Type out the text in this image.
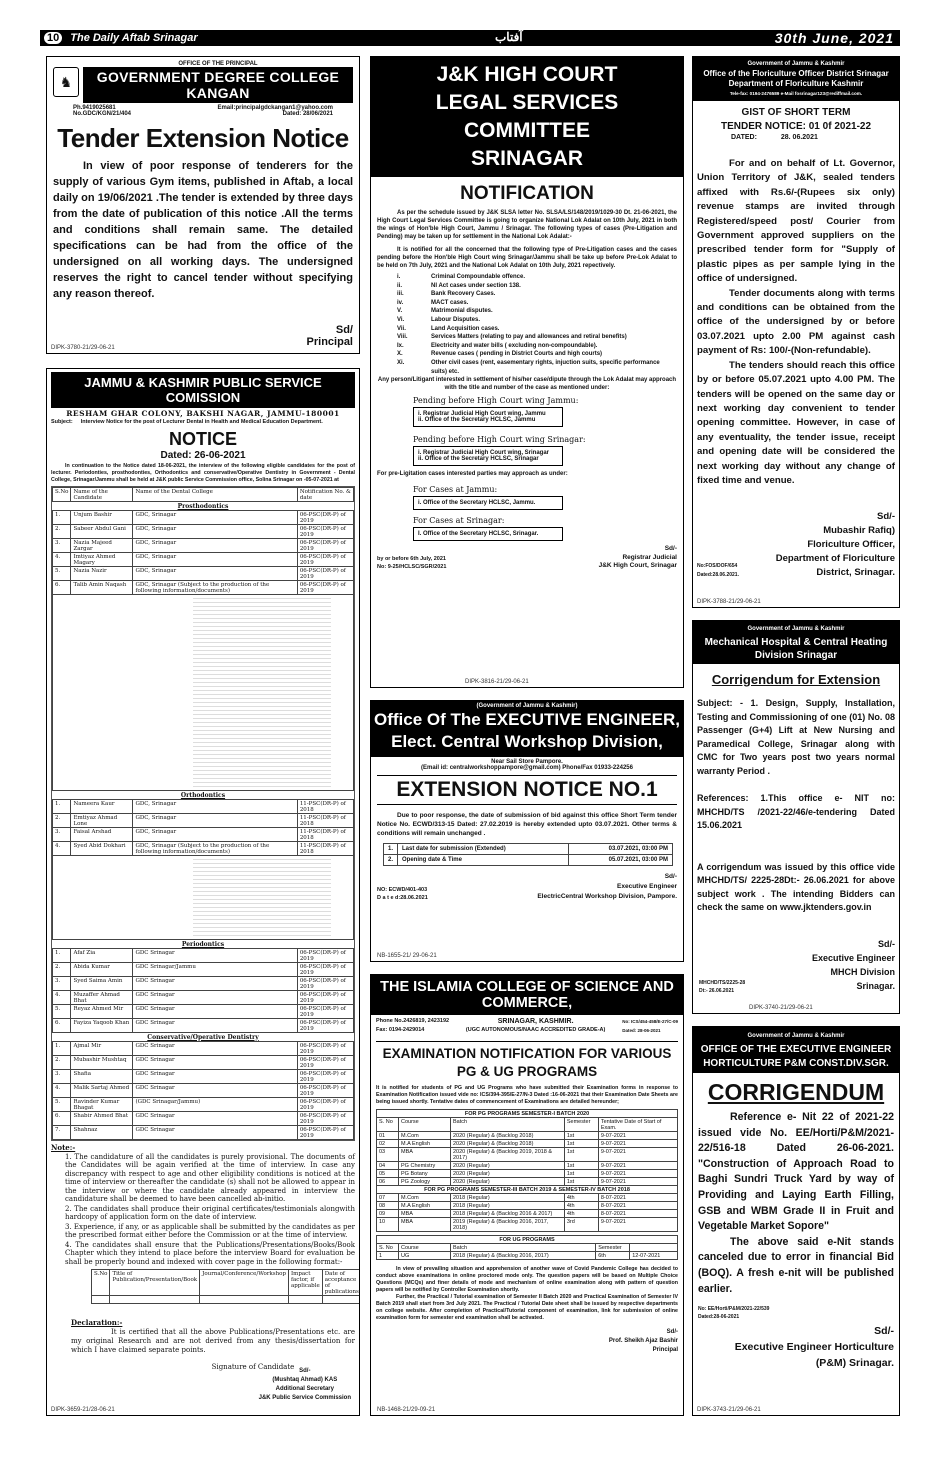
10	The Daily Aftab Srinagar	آفتاب	30th June, 2021
♞
OFFICE OF THE PRINCIPAL
GOVERNMENT DEGREE COLLEGE KANGAN
Ph.9419025681	Email:principalgdckangan1@yahoo.com
No.GDC/KGN/21/404	Dated: 28/06/2021
Tender Extension Notice
In view of poor response of tenderers for the supply of various Gym items, published in Aftab, a local daily on 19/06/2021 .The tender is extended by three days from the date of publication of this notice .All the terms and conditions shall remain same. The detailed specifications can be had from the office of the undersigned on all working days. The undersigned reserves the right to cancel tender without specifying any reason thereof.
Sd/
Principal
DIPK-3780-21/29-06-21
JAMMU & KASHMIR PUBLIC SERVICE COMISSION
RESHAM GHAR COLONY, BAKSHI NAGAR, JAMMU-180001
Subject: Interview Notice for the post of Lecturer Dental in Health and Medical Education Department.
NOTICE
Dated: 26-06-2021
In continuation to the Notice dated 18-06-2021, the interview of the following eligible candidates for the post of lecturer. Periodonties, prosthodonties, Orthodontics and conservative/Operative Dentistry in Government - Dental College, Srinagar/Jammu shall be held at J&K public Service Commission office, Solina Srinagar on -05-07-2021 at
S.No	Name of the Candidate	Name of the Dental College	Notification No. & date
Prosthodontics			
1.	Unjum Bashir	GDC, Srinagar	06-PSC(DR-P) of 2019
2.	Sabeer Abdul Gani	GDC, Srinagar	06-PSC(DR-P) of 2019
3.	Nazia Majeed Zargar	GDC, Srinagar	06-PSC(DR-P) of 2019
4.	Imtiyaz Ahmed Magary	GDC, Srinagar	06-PSC(DR-P) of 2019
5.	Nazia Nazir	GDC, Srinagar	06-PSC(DR-P) of 2019
6.	Talib Amin Naqash	GDC, Srinagar (Subject to the production of the following information/documents)	06-PSC(DR-P) of 2019

Orthodontics			
1.	Nameera Kaur	GDC, Srinagar	11-PSC(DR-P) of 2018
2.	Emtiyaz Ahmad Lone	GDC, Srinagar	11-PSC(DR-P) of 2018
3.	Faisal Arshad	GDC, Srinagar	11-PSC(DR-P) of 2018
4.	Syed Abid Dokhari	GDC, Srinagar (Subject to the production of the following information/documents)	11-PSC(DR-P) of 2018

Periodontics			
1.	Afaf Zia	GDC Srinagar	06-PSC(DR-P) of 2019
2.	Abida Kumar	GDC Srinagar/Jammu	06-PSC(DR-P) of 2019
3.	Syed Saima Amin	GDC Srinagar	06-PSC(DR-P) of 2019
4.	Muzaffer Ahmad Bhat	GDC Srinagar	06-PSC(DR-P) of 2019
5.	Reyaz Ahmed Mir	GDC Srinagar	06-PSC(DR-P) of 2019
6.	Fayiza Yaqoob Khan	GDC Srinagar	06-PSC(DR-P) of 2019
Conservative/Operative Dentistry			
1.	Ajmal Mir	GDC Srinagar	06-PSC(DR-P) of 2019
2.	Mubashir Mushtaq	GDC Srinagar	06-PSC(DR-P) of 2019
3.	Shafia	GDC Srinagar	06-PSC(DR-P) of 2019
4.	Malik Sartaj Ahmed	GDC Srinagar	06-PSC(DR-P) of 2019
5.	Ravinder Kumar Bhagat	(GDC Srinagar/Jammu)	06-PSC(DR-P) of 2019
6.	Shabir Ahmed Bhat	GDC Srinagar	06-PSC(DR-P) of 2019
7.	Shahnaz	GDC Srinagar	06-PSC(DR-P) of 2019
Note:-
1. The candidature of all the candidates is purely provisional. The documents of the Candidates will be again verified at the time of interview. In case any discrepancy with respect to age and other eligibility conditions is noticed at the time of interview or thereafter the candidate (s) shall not be allowed to appear in the interview or where the candidate already appeared in interview the candidature shall be deemed to have been cancelled ab-initio.
2. The candidates shall produce their original certificates/testimonials alongwith hardcopy of application form on the date of interview.
3. Experience, if any, or as applicable shall be submitted by the candidates as per the prescribed format either before the Commission or at the time of interview.
4. The candidates shall ensure that the Publications/Presentations/Books/Book Chapter which they intend to place before the interview Board for evaluation be shall be properly bound and indexed with cover page in the following format:-
S.No	Title of Publication/Presentation/Book	Journal/Conference/Workshop	Impact factor, if applicable	Date of acceptance of publications	

Declaration:-
It is certified that all the above Publications/Presentations etc. are my original Research and are not derived from any thesis/dissertation for which I have claimed separate points.
Signature of Candidate Sd/-
(Mushtaq Ahmad) KAS
Additional Secretary
J&K Public Service Commission
DIPK-3659-21/28-06-21
J&K HIGH COURT
LEGAL SERVICES COMMITTEE
SRINAGAR
NOTIFICATION
As per the schedule issued by J&K SLSA letter No. SLSA/LS/148/2019/1029-30 Dt. 21-06-2021, the High Court Legal Services Committee is going to organize National Lok Adalat on 10th July, 2021 in both the wings of Hon'ble High Court, Jammu / Srinagar. The following types of cases (Pre-Litigation and Pending) may be taken up for settlement in the National Lok Adalat:-
It is notified for all the concerned that the following type of Pre-Litigation cases and the cases pending before the Hon'ble High Court wing Srinagar/Jammu shall be take up before Pre-Lok Adalat to be held on 7th July, 2021 and the National Lok Adalat on 10th July, 2021 repectively.
i.	Criminal Compoundable offence.
ii.	NI Act cases under section 138.
iii.	Bank Recovery Cases.
iv.	MACT cases.
V.	Matrimonial disputes.
Vi.	Labour Disputes.
Vii.	Land Acquisition cases.
Viii.	Services Matters (relating to pay and allowances and retiral benefits)
Ix.	Electricity and water bills ( excluding non-compoundable).
X.	Revenue cases ( pending in District Courts and high courts)
Xi.	Other civil cases (rent, easementary rights, injuction suits, specific performance suits) etc.
Any person/Litigant interested in settlement of his/her case/dipute through the Lok Adalat may approach with the title and number of the case as mentioned under:
Pending before High Court wing Jammu:
i. Registrar Judicial High Court wing, Jammu
ii. Office of the Secretary HCLSC, Jammu
Pending before High Court wing Srinagar:
i. Registrar Judicial High Court wing, Srinagar
ii. Office of the Secretary HCLSC, Srinagar
For pre-Ligitation cases interested parties may approach as under:
For Cases at Jammu:
i. Office of the Secretary HCLSC, Jammu.
For Cases at Srinagar:
I. Office of the Secretary HCLSC, Srinagar.
by or before 6th July, 2021
No: 9-25/HCLSC/SGR/2021
Sd/-
Registrar Judicial
J&K High Court, Srinagar
DIPK-3816-21/29-06-21
(Government of Jammu & Kashmir)
Office Of The EXECUTIVE ENGINEER,
Elect. Central Workshop Division,
Near Sail Store Pampore.
(Email id: centralworkshoppampore@gmail.com) Phone/Fax 01933-224256
EXTENSION NOTICE NO.1
Due to poor response, the date of submission of bid against this office Short Term tender Notice No. ECWD/313-15 Dated: 27.02.2019 is hereby extended upto 03.07.2021. Other terms & conditions will remain unchanged .
1.	Last date for submission (Extended)	03.07.2021, 03:00 PM
2.	Opening date & Time	05.07.2021, 03:00 PM
NO: ECWD/401-403
D a t e d:28.06.2021
Sd/-
Executive Engineer
ElectricCentral Workshop Division, Pampore.
NB-1655-21/ 29-06-21
THE ISLAMIA COLLEGE OF SCIENCE AND COMMERCE,
Phone No.2426819, 2423192
Fax: 0194-2429014
SRINAGAR, KASHMIR.
(UGC AUTONOMOUS/NAAC ACCREDITED GRADE-A)
No: ICS/454-458/E-27/C-09
Dated: 28-06-2021
EXAMINATION NOTIFICATION FOR VARIOUS
PG & UG PROGRAMS
It is notified for students of PG and UG Programs who have submitted their Examination forms in response to Examination Notification issued vide no: ICS/394-395/E-27/N-3 Dated :16-06-2021 that their Examination Date Sheets are being issued shortly. Tentative dates of commencement of Examinations are detailed hereunder;
FOR PG PROGRAMS SEMESTER-I BATCH 2020				
S. No	Course	Batch	Semester	Tentative Date of Start of Exam.
01	M.Com	2020 (Regular) & (Backlog 2018)	1st	9-07-2021
02	M.A English	2020 (Regular) & (Backlog 2018)	1st	9-07-2021
03	MBA	2020 (Regular) & (Backlog 2019, 2018 & 2017)	1st	9-07-2021
04	PG Chemistry	2020 (Regular)	1st	9-07-2021
05	PG Botany	2020 (Regular)	1st	9-07-2021
06	PG Zoology	2020 (Regular)	1st	9-07-2021
FOR PG PROGRAMS SEMESTER-III BATCH 2019 & SEMESTER-IV BATCH 2018				
07	M.Com	2018 (Regular)	4th	8-07-2021
08	M.A English	2018 (Regular)	4th	8-07-2021
09	MBA	2018 (Regular) & (Backlog 2016 & 2017)	4th	8-07-2021
10	MBA	2019 (Regular) & (Backlog 2016, 2017, 2018)	3rd	9-07-2021
FOR UG PROGRAMS				
S. No	Course	Batch	Semester	
1	UG	2018 (Regular) & (Backlog 2016, 2017)	6th	12-07-2021
In view of prevailing situation and apprehension of another wave of Covid Pandemic College has decided to conduct above examinations in online proctored mode only. The question papers will be based on Multiple Choice Questions (MCQs) and finer details of mode and mechanism of online examination along with pattern of question papers will be notified by Controller Examination shortly.
Further, the Practical / Tutorial examination of Semester II Batch 2020 and Practical Examination of Semester IV Batch 2019 shall start from 3rd July 2021. The Practical / Tutorial Date sheet shall be issued by respective departments on college website. After completion of Practical/Tutorial component of examination, link for submission of online examination form for semester end examination shall be activated.
Sd/-
Prof. Sheikh Ajaz Bashir
Principal
NB-1468-21/29-09-21
Government of Jammu & Kashmir
Office of the Floriculture Officer District Srinagar
Department of Floriculture Kashmir
Tele-fax: 0194-2476589 e-Mail fosrinagar123@rediffmail.com.
GIST OF SHORT TERM
TENDER NOTICE: 01 0f 2021-22
DATED:	28. 06.2021
For and on behalf of Lt. Governor, Union Territory of J&K, sealed tenders affixed with Rs.6/-(Rupees six only) revenue stamps are invited through Registered/speed post/ Courier from Government approved suppliers on the prescribed tender form for "Supply of plastic pipes as per sample lying in the office of undersigned.
Tender documents along with terms and conditions can be obtained from the office of the undersigned by or before 03.07.2021 upto 2.00 PM against cash payment of Rs: 100/-(Non-refundable).
The tenders should reach this office by or before 05.07.2021 upto 4.00 PM. The tenders will be opened on the same day or next working day convenient to tender opening committee. However, in case of any eventuality, the tender issue, receipt and opening date will be considered the next working day without any change of fixed time and venue.
No:FOS/DOF/654
Dated:28.06.2021.
Sd/-
Mubashir Rafiq)
Floriculture Officer,
Department of Floriculture
District, Srinagar.
DIPK-3788-21/29-06-21
Government of Jammu & Kashmir
Mechanical Hospital & Central Heating Division Srinagar
Corrigendum for Extension
Subject: - 1. Design, Supply, Installation, Testing and Commissioning of one (01) No. 08 Passenger (G+4) Lift at New Nursing and Paramedical College, Srinagar along with CMC for Two years post two years normal warranty Period .
References: 1.This office e- NIT no: MHCHD/TS /2021-22/46/e-tendering Dated 15.06.2021
A corrigendum was issued by this office vide MHCHD/TS/ 2225-28Dt:- 26.06.2021 for above subject work . The intending Bidders can check the same on www.jktenders.gov.in
Sd/-
Executive Engineer
MHCH Division
Srinagar.
MHCHD/TS/2225-28
Dt:- 26.06.2021
DIPK-3740-21/29-06-21
Government of Jammu & Kashmir
OFFICE OF THE EXECUTIVE ENGINEER
HORTICULTURE P&M CONST.DIV.SGR.
CORRIGENDUM
Reference e- Nit 22 of 2021-22 issued vide No. EE/Horti/P&M/2021-22/516-18 Dated 26-06-2021. "Construction of Approach Road to Baghi Sundri Truck Yard by way of Providing and Laying Earth Filling, GSB and WBM Grade II in Fruit and Vegetable Market Sopore"
The above said e-Nit stands canceled due to error in financial Bid (BOQ). A fresh e-nit will be published earlier.
No: EE/Horti/P&M/2021-22/539
Dated:28-06-2021
Sd/-
Executive Engineer Horticulture
(P&M) Srinagar.
DIPK-3743-21/29-06-21
